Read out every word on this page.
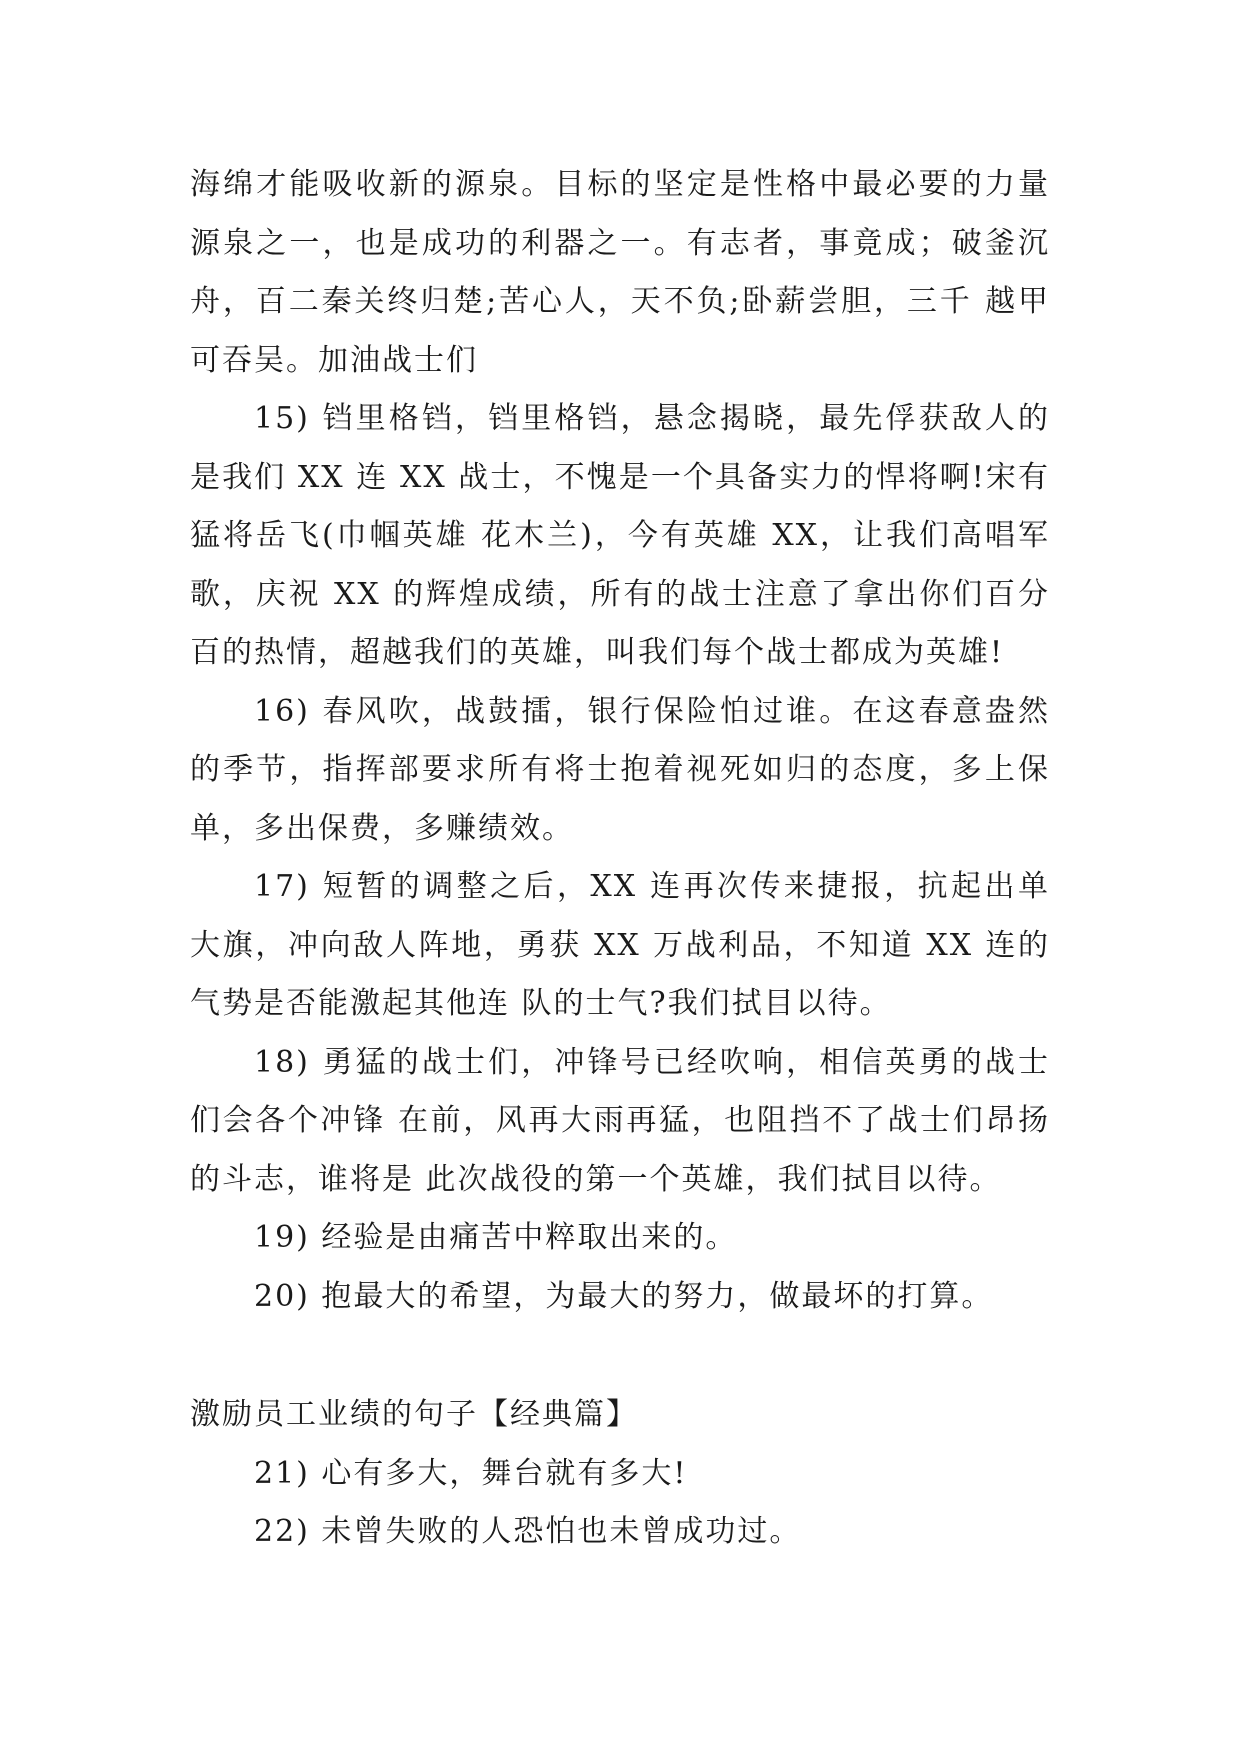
海绵才能吸收新的源泉。目标的坚定是性格中最必要的力量源泉之一，也是成功的利器之一。有志者，事竟成；破釜沉舟，百二秦关终归楚;苦心人，天不负;卧薪尝胆，三千 越甲可吞吴。加油战士们

15) 铛里格铛，铛里格铛，悬念揭晓，最先俘获敌人的是我们 XX 连 XX 战士，不愧是一个具备实力的悍将啊!宋有猛将岳飞(巾帼英雄 花木兰)，今有英雄 XX，让我们高唱军歌，庆祝 XX 的辉煌成绩，所有的战士注意了拿出你们百分百的热情，超越我们的英雄，叫我们每个战士都成为英雄!

16) 春风吹，战鼓擂，银行保险怕过谁。在这春意盎然的季节，指挥部要求所有将士抱着视死如归的态度，多上保单，多出保费，多赚绩效。

17) 短暂的调整之后，XX 连再次传来捷报，抗起出单大旗，冲向敌人阵地，勇获 XX 万战利品，不知道 XX 连的气势是否能激起其他连 队的士气?我们拭目以待。

18) 勇猛的战士们，冲锋号已经吹响，相信英勇的战士们会各个冲锋 在前，风再大雨再猛，也阻挡不了战士们昂扬的斗志，谁将是 此次战役的第一个英雄，我们拭目以待。

19) 经验是由痛苦中粹取出来的。

20) 抱最大的希望，为最大的努力，做最坏的打算。

激励员工业绩的句子【经典篇】

21) 心有多大，舞台就有多大!

22) 未曾失败的人恐怕也未曾成功过。
